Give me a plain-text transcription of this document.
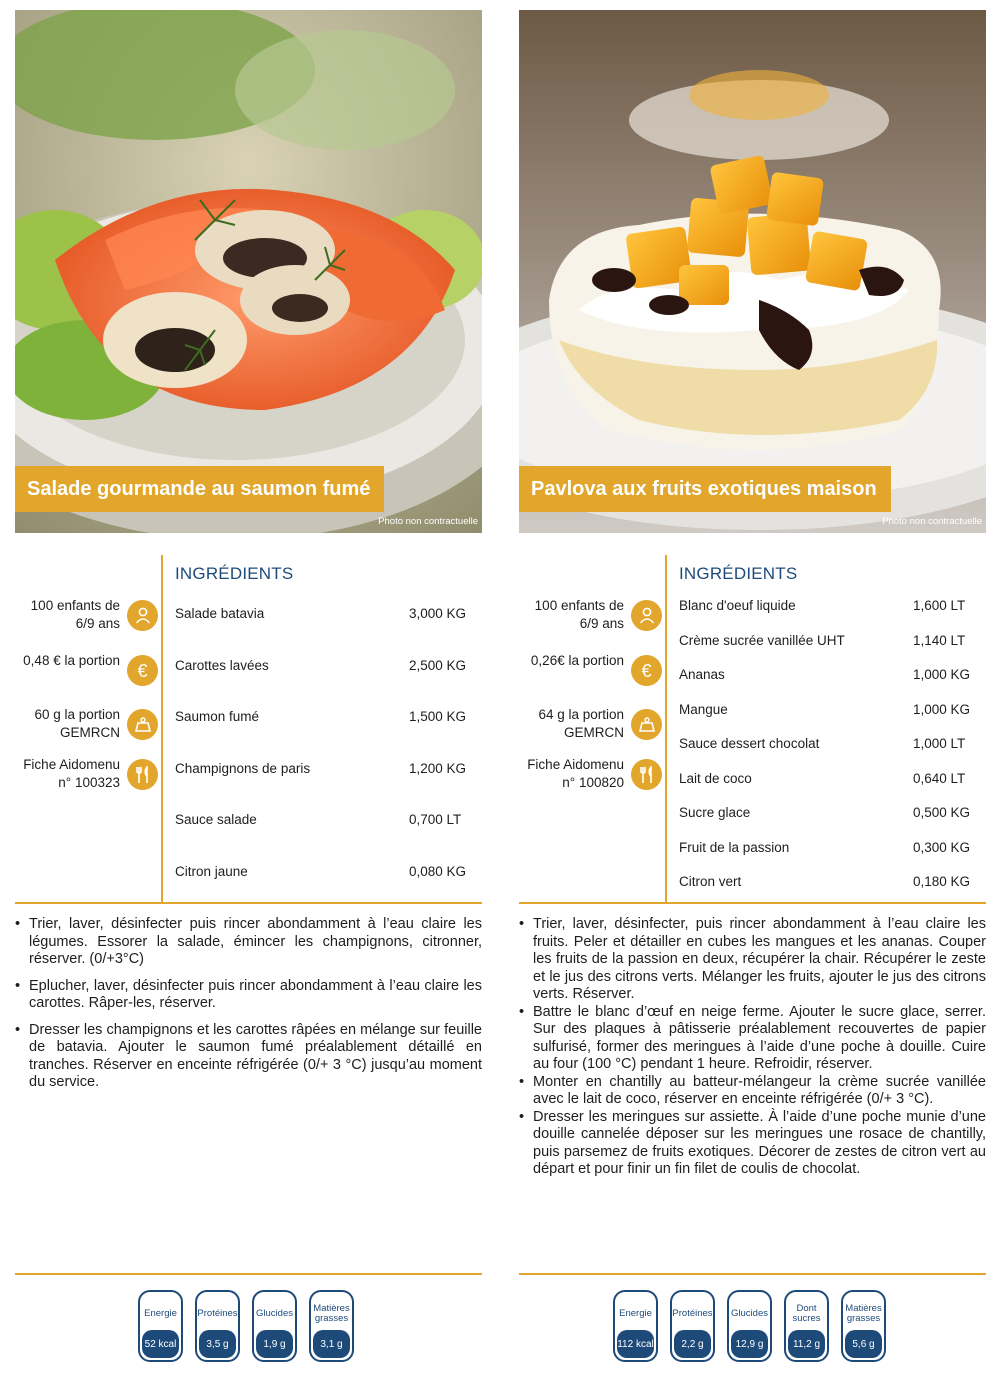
Salade gourmande au saumon fumé
Photo non contractuelle
INGRÉDIENTS
100 enfants de 6/9 ans
0,48 € la portion €
60 g la portion GEMRCN
Fiche Aidomenu n° 100323
Salade batavia	3,000 KG
Carottes lavées	2,500 KG
Saumon fumé	1,500 KG
Champignons de paris	1,200 KG
Sauce salade	0,700 LT
Citron jaune	0,080 KG
• Trier, laver, désinfecter puis rincer abondamment à l’eau claire les légumes. Essorer la salade, émincer les champignons, citronner, réserver. (0/+3°C)
• Eplucher, laver, désinfecter puis rincer abondamment à l’eau claire les carottes. Râper-les, réserver.
• Dresser les champignons et les carottes râpées en mélange sur feuille de batavia. Ajouter le saumon fumé préalablement détaillé en tranches. Réserver en enceinte réfrigérée (0/+ 3 °C) jusqu’au moment du service.
Energie
52 kcal
Protéines
3,5 g
Glucides
1,9 g
Matières grasses
3,1 g
Pavlova aux fruits exotiques maison
Photo non contractuelle
INGRÉDIENTS
100 enfants de 6/9 ans
0,26€ la portion €
64 g la portion GEMRCN
Fiche Aidomenu n° 100820
Blanc d'oeuf liquide	1,600 LT
Crème sucrée vanillée UHT	1,140 LT
Ananas	1,000 KG
Mangue	1,000 KG
Sauce dessert chocolat	1,000 LT
Lait de coco	0,640 LT
Sucre glace	0,500 KG
Fruit de la passion	0,300 KG
Citron vert	0,180 KG
• Trier, laver, désinfecter, puis rincer abondamment à l’eau claire les fruits. Peler et détailler en cubes les mangues et les ananas. Couper les fruits de la passion en deux, récupérer la chair. Récupérer le zeste et le jus des citrons verts. Mélanger les fruits, ajouter le jus des citrons verts. Réserver.
• Battre le blanc d’œuf en neige ferme. Ajouter le sucre glace, serrer. Sur des plaques à pâtisserie préalablement recouvertes de papier sulfurisé, former des meringues à l’aide d’une poche à douille. Cuire au four (100 °C) pendant 1 heure. Refroidir, réserver.
• Monter en chantilly au batteur-mélangeur la crème sucrée vanillée avec le lait de coco, réserver en enceinte réfrigérée (0/+ 3 °C).
• Dresser les meringues sur assiette. À l’aide d’une poche munie d’une douille cannelée déposer sur les meringues une rosace de chantilly, puis parsemez de fruits exotiques. Décorer de zestes de citron vert au départ et pour finir un fin filet de coulis de chocolat.
Energie
112 kcal
Protéines
2,2 g
Glucides
12,9 g
Dont sucres
11,2 g
Matières grasses
5,6 g
